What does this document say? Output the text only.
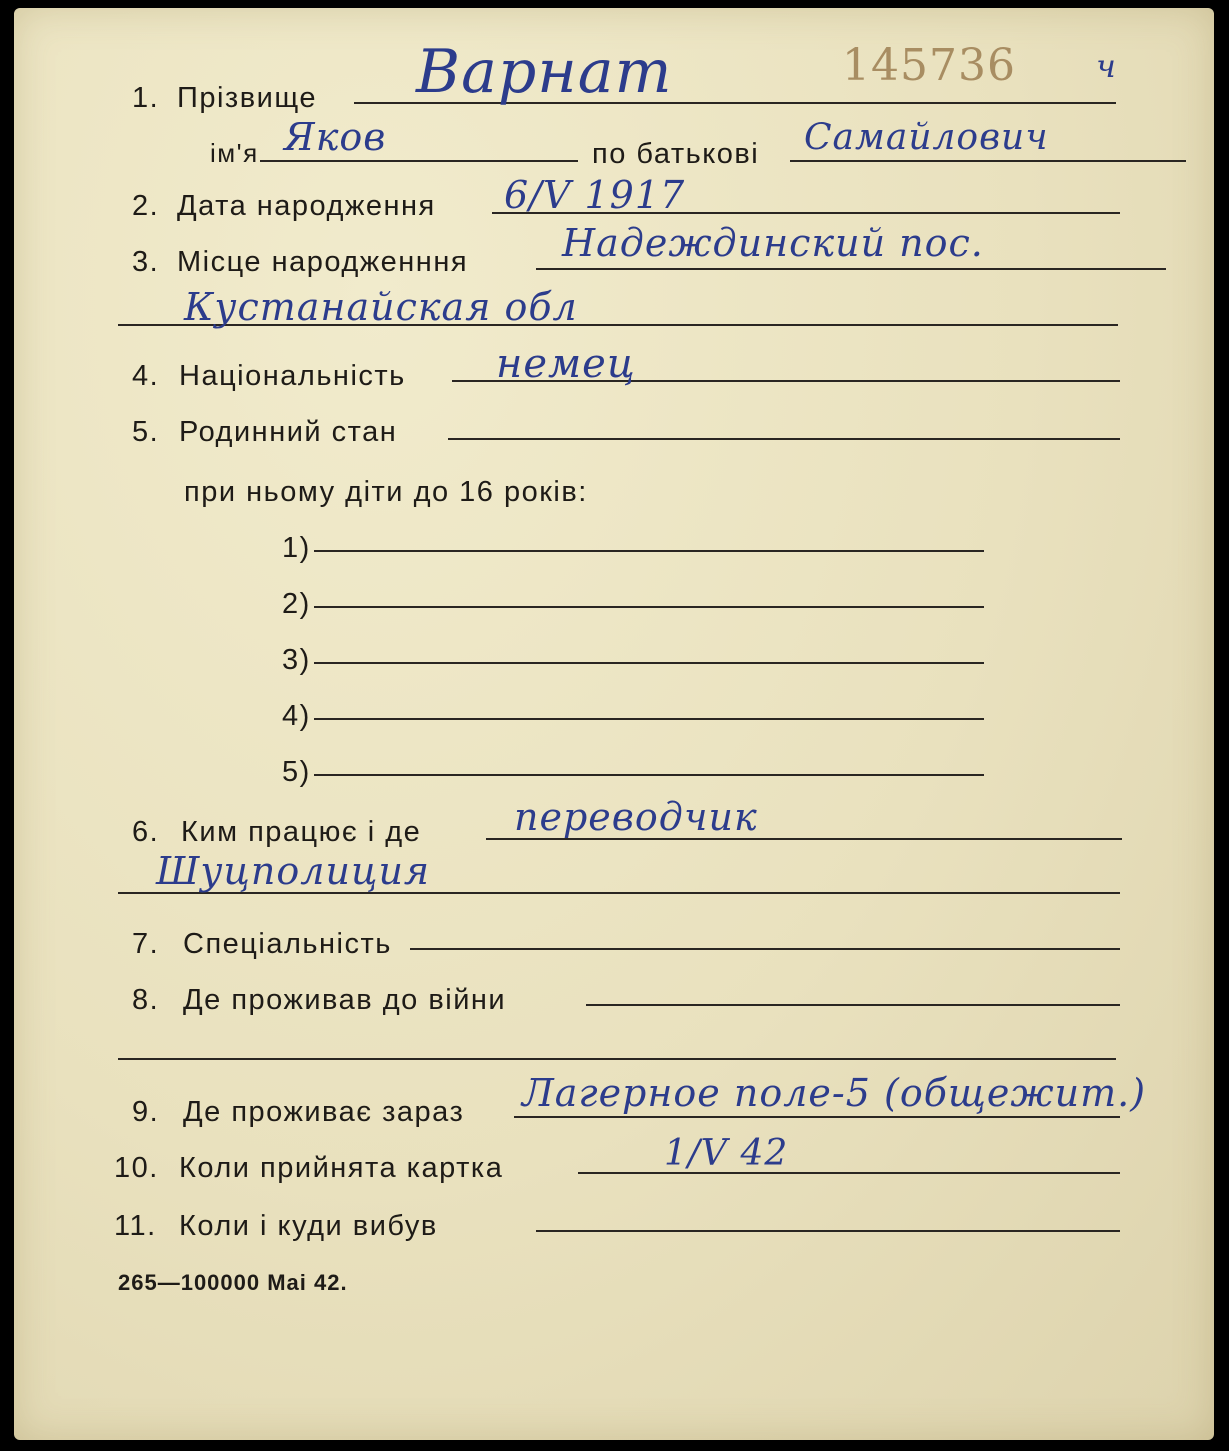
1. Прізвище Варнат	145736	ч
ім'я Яков	по батькові Самайлович
2. Дата народження 6/V 1917
3. Місце народженння Надеждинский пос.
Кустанайская обл
4. Національність немец
5. Родинний стан
при ньому діти до 16 років:
1)
2)
3)
4)
5)
6. Ким працює і де переводчик
Шуцполиция
7. Спеціальність
8. Де проживав до війни
9. Де проживає зараз Лагерное поле-5 (общежит.)
10. Коли прийнята картка	1/V 42
11. Коли і куди вибув
265—100000 Mai 42.
